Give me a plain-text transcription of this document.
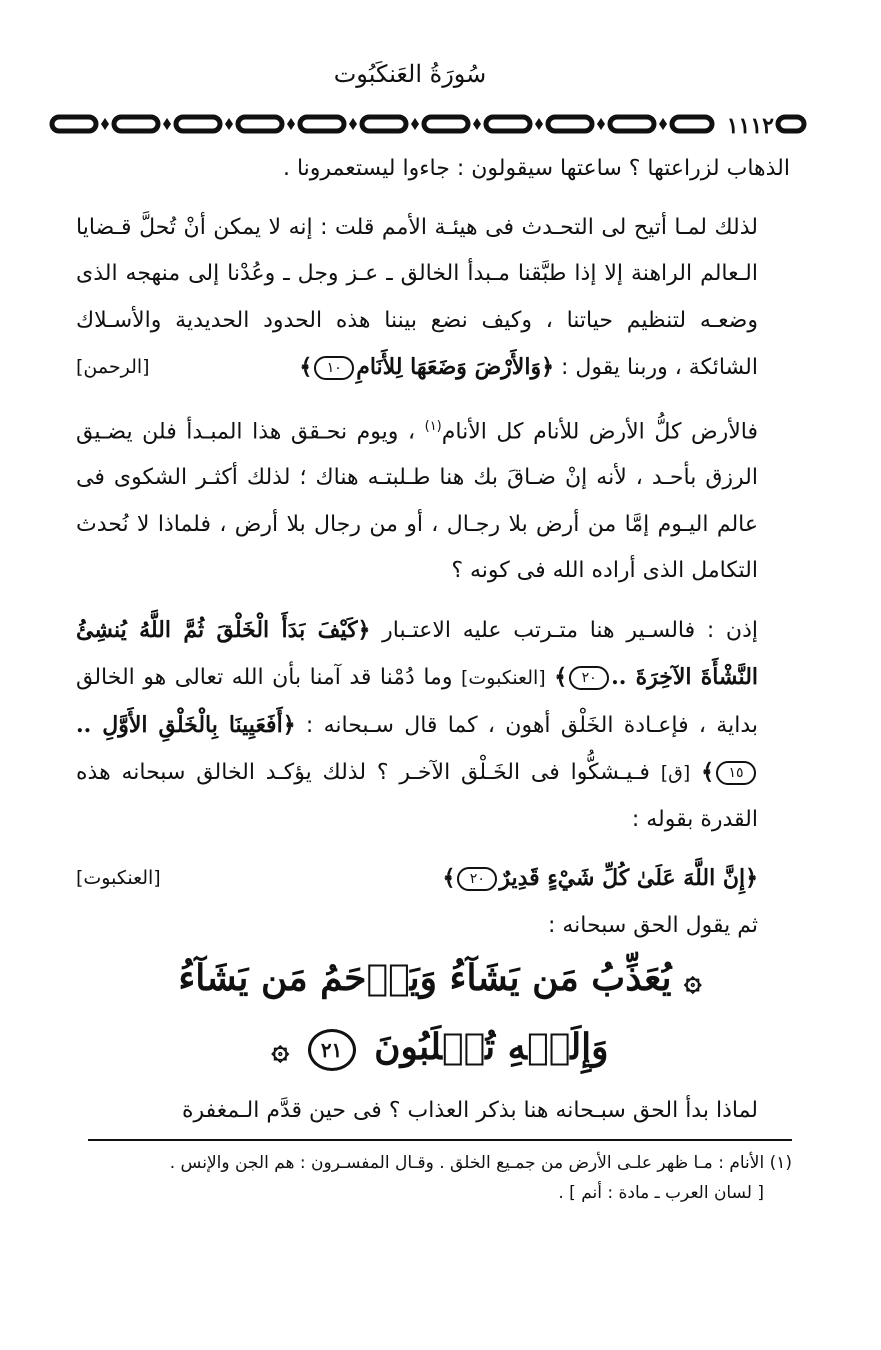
سُورَةُ العَنكَبُوت
١١١٢

الذهاب لزراعتها ؟ ساعتها سيقولون : جاءوا ليستعمرونا .

لذلك لمـا أتيح لى التحـدث فى هيئـة الأمم قلت : إنه لا يمكن أنْ تُحلَّ قـضايا الـعالم الراهنة إلا إذا طبَّقنا مـبدأ الخالق ـ عـز وجل ـ وعُدْنا إلى منهجه الذى وضعـه لتنظيم حياتنا ، وكيف نضع بيننا هذه الحدود الحديدية والأسـلاك الشائكة ، وربنا يقول : ﴿وَالأَرْضَ وَضَعَهَا لِلأَنَامِ١٠﴾
[الرحمن]

فالأرض كلُّ الأرض للأنام كل الأنام$^{(١)}$ ، ويوم نحـقق هذا المبـدأ فلن يضـيق الرزق بأحـد ، لأنه إنْ ضـاقَ بك هنا طـلبتـه هناك ؛ لذلك أكثـر الشكوى فى عالم اليـوم إمَّا من أرض بلا رجـال ، أو من رجال بلا أرض ، فلماذا لا نُحدث التكامل الذى أراده الله فى كونه ؟

إذن : فالسـير هنا متـرتب عليه الاعتـبار ﴿كَيْفَ بَدَأَ الْخَلْقَ ثُمَّ اللَّهُ يُنشِئُ النَّشْأَةَ الآخِرَةَ ..٢٠﴾ [العنكبوت] وما دُمْنا قد آمنا بأن الله تعالى هو الخالق بداية ، فإعـادة الخَلْق أهون ، كما قال سـبحانه : ﴿أَفَعَيِينَا بِالْخَلْقِ الأَوَّلِ ..١٥﴾ [ق] فـيـشكُّوا فى الخَـلْق الآخـر ؟ لذلك يؤكـد الخالق سبحانه هذه القدرة بقوله :

﴿إِنَّ اللَّهَ عَلَىٰ كُلِّ شَيْءٍ قَدِيرٌ٢٠﴾
[العنكبوت]

ثم يقول الحق سبحانه :

۞ يُعَذِّبُ مَن يَشَآءُ وَيَرۡحَمُ مَن يَشَآءُ
وَإِلَيۡهِ تُقۡلَبُونَ ٢١ ۞

لماذا بدأ الحق سبـحانه هنا بذكر العذاب ؟ فى حين قدَّم الـمغفرة

(١) الأنام : مـا ظهر علـى الأرض من جمـيع الخلق . وقـال المفسـرون : هم الجن والإنس .

[ لسان العرب ـ مادة : أنم ] .
